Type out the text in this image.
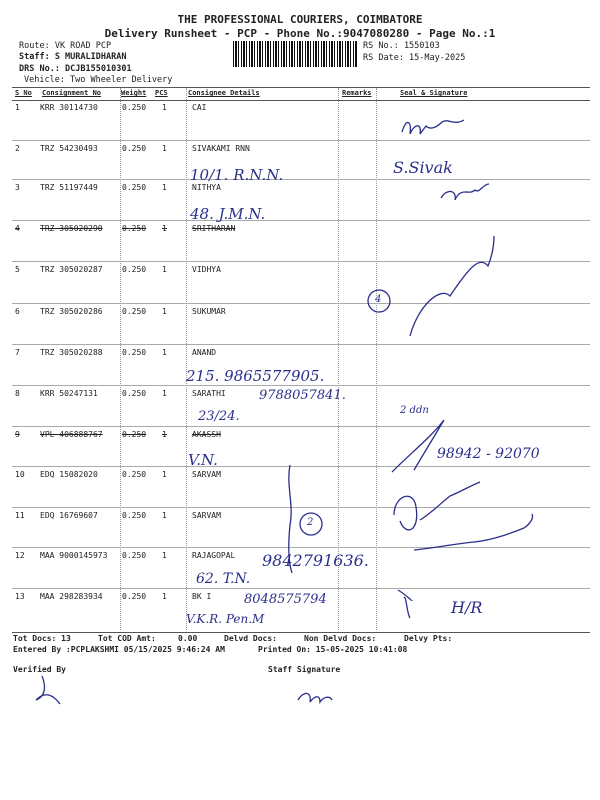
THE PROFESSIONAL COURIERS, COIMBATORE
Delivery Runsheet - PCP - Phone No.:9047080280 - Page No.:1
Route: VK ROAD PCP
Staff: S MURALIDHARAN
DRS No.: DCJB155010301
Vehicle: Two Wheeler Delivery
RS No.: 1550103
RS Date: 15-May-2025
S No Consignment No	Weight PCS	Consignee Details	Remarks	Seal & Signature
1	KRR 30114730	0.250 1	CAI
2	TRZ 54230493	0.250 1	SIVAKAMI RNN
3	TRZ 51197449	0.250 1	NITHYA
4	TRZ 305020290 0.250 1	SRITHARAN
5	TRZ 305020287 0.250 1	VIDHYA
6	TRZ 305020286 0.250 1	SUKUMAR
7	TRZ 305020288 0.250 1	ANAND
8	KRR 50247131	0.250 1	SARATHI
9	VPL 406888767 0.250 1	AKASSH
10 EDQ 15082020	0.250 1	SARVAM
11 EDQ 16769607	0.250 1	SARVAM
12 MAA 9000145973 0.250 1	RAJAGOPAL
13 MAA 298283934 0.250 1	BK I
10/1. R.N.N.
48. J.M.N.
215. 9865577905.
9788057841.
23/24.
V.N.
9842791636.
62. T.N.
8048575794
V.K.R. Pen.M
98942 - 92070
2 ddn
H/R
S.Sivak
4
2
Tot Docs: 13	Tot COD Amt:	0.00	Delvd Docs:	Non Delvd Docs:	Delvy Pts:
Entered By :PCPLAKSHMI 05/15/2025 9:46:24 AM	Printed On: 15-05-2025 10:41:08
Verified By	Staff Signature
